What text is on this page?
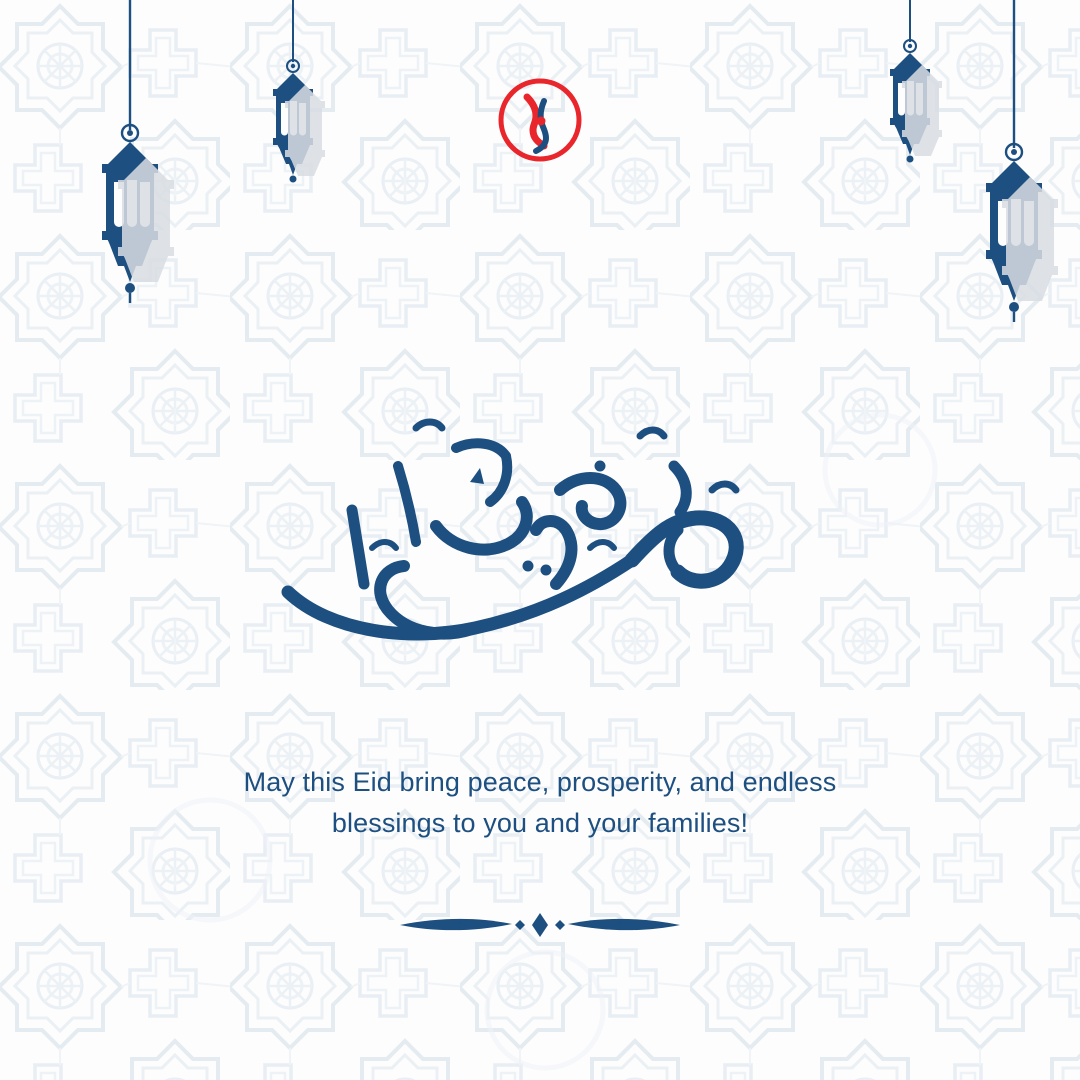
May this Eid bring peace, prosperity, and endless
blessings to you and your families!
